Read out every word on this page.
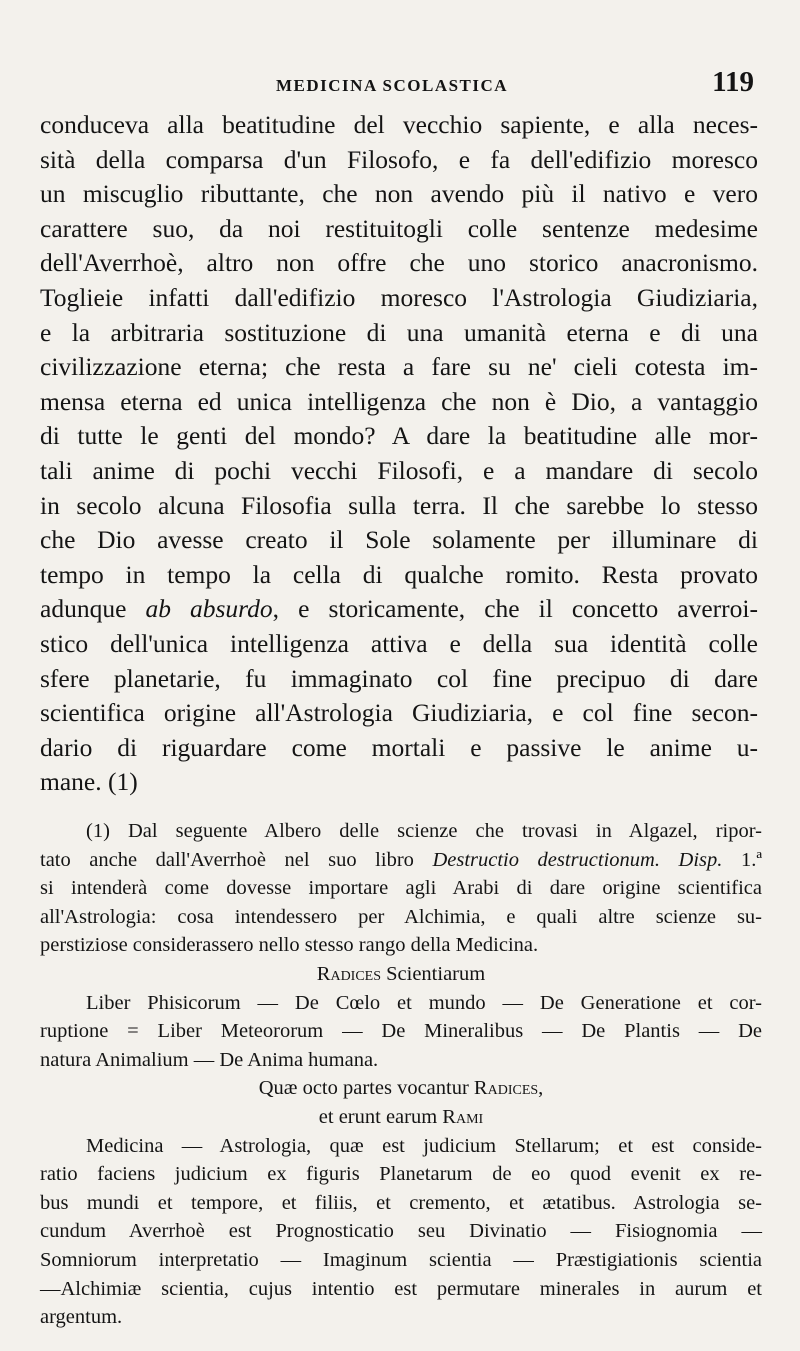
MEDICINA SCOLASTICA	119
conduceva alla beatitudine del vecchio sapiente, e alla neces-
sità della comparsa d'un Filosofo, e fa dell'edifizio moresco
un miscuglio ributtante, che non avendo più il nativo e vero
carattere suo, da noi restituitogli colle sentenze medesime
dell'Averrhoè, altro non offre che uno storico anacronismo.
Toglieie infatti dall'edifizio moresco l'Astrologia Giudiziaria,
e la arbitraria sostituzione di una umanità eterna e di una
civilizzazione eterna; che resta a fare su ne' cieli cotesta im-
mensa eterna ed unica intelligenza che non è Dio, a vantaggio
di tutte le genti del mondo? A dare la beatitudine alle mor-
tali anime di pochi vecchi Filosofi, e a mandare di secolo
in secolo alcuna Filosofia sulla terra. Il che sarebbe lo stesso
che Dio avesse creato il Sole solamente per illuminare di
tempo in tempo la cella di qualche romito. Resta provato
adunque ab absurdo, e storicamente, che il concetto averroi-
stico dell'unica intelligenza attiva e della sua identità colle
sfere planetarie, fu immaginato col fine precipuo di dare
scientifica origine all'Astrologia Giudiziaria, e col fine secon-
dario di riguardare come mortali e passive le anime u-
mane. (1)
(1) Dal seguente Albero delle scienze che trovasi in Algazel, ripor-
tato anche dall'Averrhoè nel suo libro Destructio destructionum. Disp. 1.ª
si intenderà come dovesse importare agli Arabi di dare origine scientifica
all'Astrologia: cosa intendessero per Alchimia, e quali altre scienze su-
perstiziose considerassero nello stesso rango della Medicina.
Radices Scientiarum
Liber Phisicorum — De Cœlo et mundo — De Generatione et cor-
ruptione = Liber Meteororum — De Mineralibus — De Plantis — De
natura Animalium — De Anima humana.
Quæ octo partes vocantur Radices,
et erunt earum Rami
Medicina — Astrologia, quæ est judicium Stellarum; et est conside-
ratio faciens judicium ex figuris Planetarum de eo quod evenit ex re-
bus mundi et tempore, et filiis, et cremento, et ætatibus. Astrologia se-
cundum Averrhoè est Prognosticatio seu Divinatio — Fisiognomia —
Somniorum interpretatio — Imaginum scientia — Præstigiationis scientia
—Alchimiæ scientia, cujus intentio est permutare minerales in aurum et
argentum.
